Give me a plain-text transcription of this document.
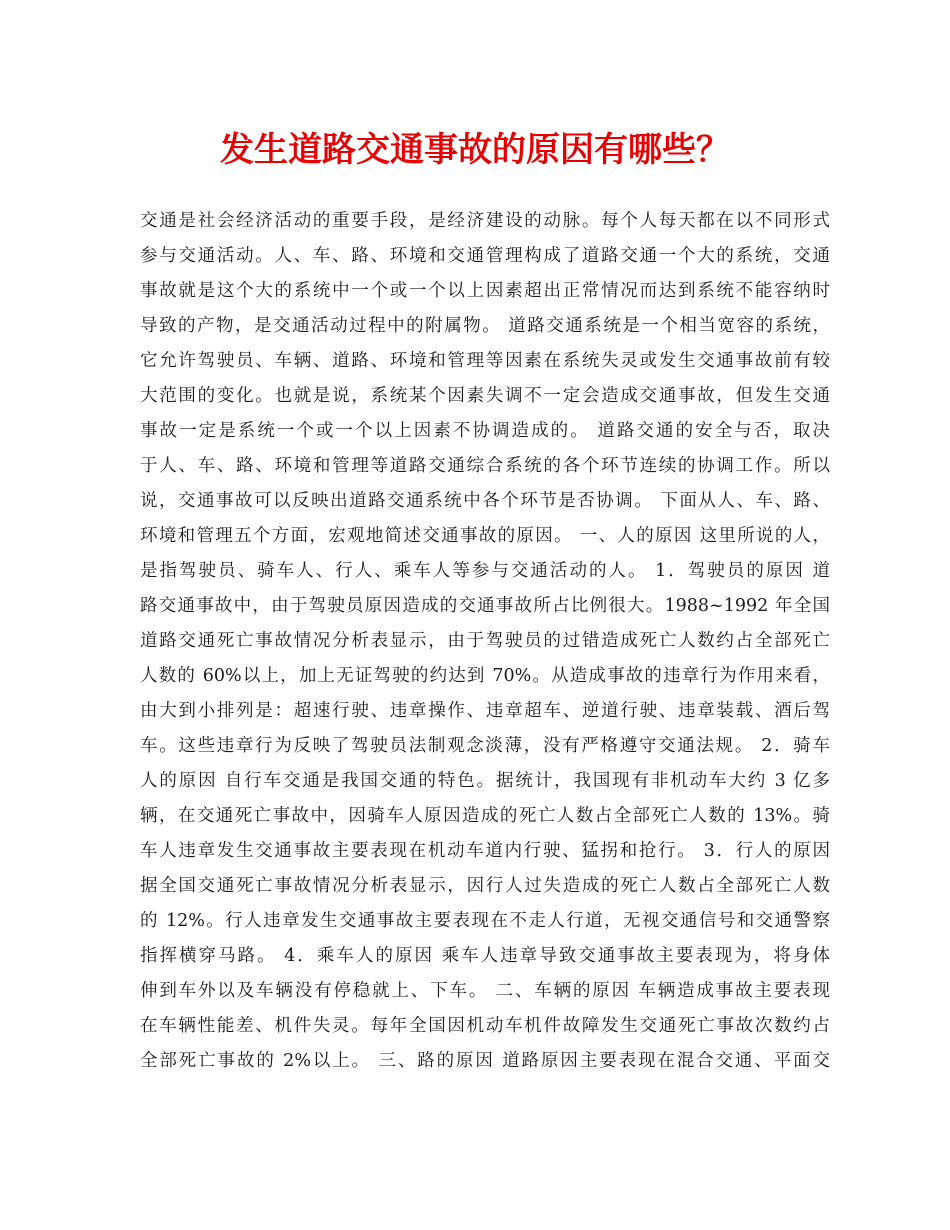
发生道路交通事故的原因有哪些？
交通是社会经济活动的重要手段，是经济建设的动脉。每个人每天都在以不同形式
参与交通活动。人、车、路、环境和交通管理构成了道路交通一个大的系统，交通
事故就是这个大的系统中一个或一个以上因素超出正常情况而达到系统不能容纳时
导致的产物，是交通活动过程中的附属物。 道路交通系统是一个相当宽容的系统，
它允许驾驶员、车辆、道路、环境和管理等因素在系统失灵或发生交通事故前有较
大范围的变化。也就是说，系统某个因素失调不一定会造成交通事故，但发生交通
事故一定是系统一个或一个以上因素不协调造成的。 道路交通的安全与否，取决
于人、车、路、环境和管理等道路交通综合系统的各个环节连续的协调工作。所以
说，交通事故可以反映出道路交通系统中各个环节是否协调。 下面从人、车、路、
环境和管理五个方面，宏观地简述交通事故的原因。 一、人的原因 这里所说的人，
是指驾驶员、骑车人、行人、乘车人等参与交通活动的人。 1．驾驶员的原因 道
路交通事故中，由于驾驶员原因造成的交通事故所占比例很大。1988~1992 年全国
道路交通死亡事故情况分析表显示，由于驾驶员的过错造成死亡人数约占全部死亡
人数的 60%以上，加上无证驾驶的约达到 70%。从造成事故的违章行为作用来看，
由大到小排列是：超速行驶、违章操作、违章超车、逆道行驶、违章装载、酒后驾
车。这些违章行为反映了驾驶员法制观念淡薄，没有严格遵守交通法规。 2．骑车
人的原因 自行车交通是我国交通的特色。据统计，我国现有非机动车大约 3 亿多
辆，在交通死亡事故中，因骑车人原因造成的死亡人数占全部死亡人数的 13%。骑
车人违章发生交通事故主要表现在机动车道内行驶、猛拐和抢行。 3．行人的原因
据全国交通死亡事故情况分析表显示，因行人过失造成的死亡人数占全部死亡人数
的 12%。行人违章发生交通事故主要表现在不走人行道，无视交通信号和交通警察
指挥横穿马路。 4．乘车人的原因 乘车人违章导致交通事故主要表现为，将身体
伸到车外以及车辆没有停稳就上、下车。 二、车辆的原因 车辆造成事故主要表现
在车辆性能差、机件失灵。每年全国因机动车机件故障发生交通死亡事故次数约占
全部死亡事故的 2%以上。 三、路的原因 道路原因主要表现在混合交通、平面交
